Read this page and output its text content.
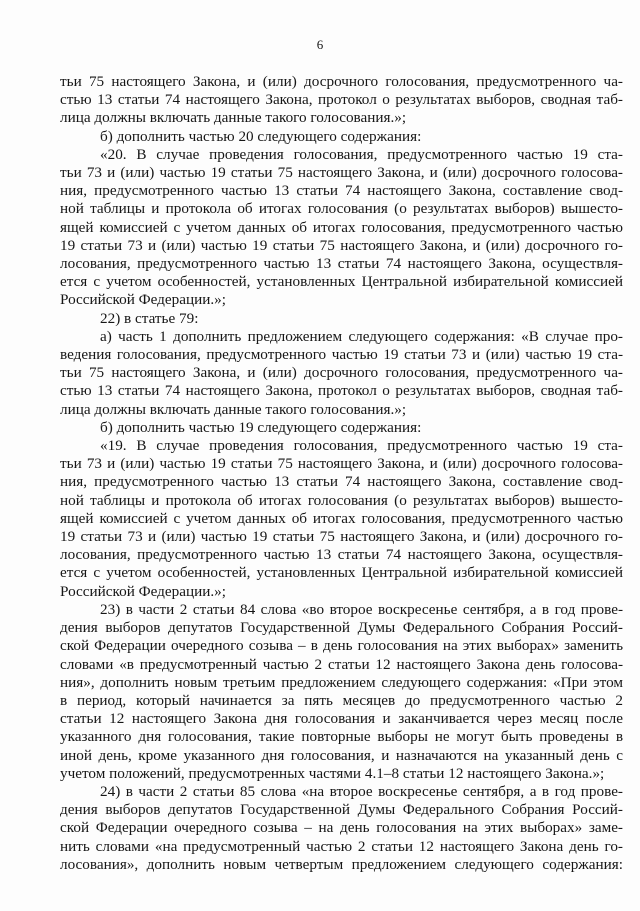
6

тьи 75 настоящего Закона, и (или) досрочного голосования, предусмотренного ча-

стью 13 статьи 74 настоящего Закона, протокол о результатах выборов, сводная таб-

лица должны включать данные такого голосования.»;

б) дополнить частью 20 следующего содержания:

«20. В случае проведения голосования, предусмотренного частью 19 ста-

тьи 73 и (или) частью 19 статьи 75 настоящего Закона, и (или) досрочного голосова-

ния, предусмотренного частью 13 статьи 74 настоящего Закона, составление свод-

ной таблицы и протокола об итогах голосования (о результатах выборов) вышесто-

ящей комиссией с учетом данных об итогах голосования, предусмотренного частью

19 статьи 73 и (или) частью 19 статьи 75 настоящего Закона, и (или) досрочного го-

лосования, предусмотренного частью 13 статьи 74 настоящего Закона, осуществля-

ется с учетом особенностей, установленных Центральной избирательной комиссией

Российской Федерации.»;

22) в статье 79:

а) часть 1 дополнить предложением следующего содержания: «В случае про-

ведения голосования, предусмотренного частью 19 статьи 73 и (или) частью 19 ста-

тьи 75 настоящего Закона, и (или) досрочного голосования, предусмотренного ча-

стью 13 статьи 74 настоящего Закона, протокол о результатах выборов, сводная таб-

лица должны включать данные такого голосования.»;

б) дополнить частью 19 следующего содержания:

«19. В случае проведения голосования, предусмотренного частью 19 ста-

тьи 73 и (или) частью 19 статьи 75 настоящего Закона, и (или) досрочного голосова-

ния, предусмотренного частью 13 статьи 74 настоящего Закона, составление свод-

ной таблицы и протокола об итогах голосования (о результатах выборов) вышесто-

ящей комиссией с учетом данных об итогах голосования, предусмотренного частью

19 статьи 73 и (или) частью 19 статьи 75 настоящего Закона, и (или) досрочного го-

лосования, предусмотренного частью 13 статьи 74 настоящего Закона, осуществля-

ется с учетом особенностей, установленных Центральной избирательной комиссией

Российской Федерации.»;

23) в части 2 статьи 84 слова «во второе воскресенье сентября, а в год прове-

дения выборов депутатов Государственной Думы Федерального Собрания Россий-

ской Федерации очередного созыва – в день голосования на этих выборах» заменить

словами «в предусмотренный частью 2 статьи 12 настоящего Закона день голосова-

ния», дополнить новым третьим предложением следующего содержания: «При этом

в период, который начинается за пять месяцев до предусмотренного частью 2

статьи 12 настоящего Закона дня голосования и заканчивается через месяц после

указанного дня голосования, такие повторные выборы не могут быть проведены в

иной день, кроме указанного дня голосования, и назначаются на указанный день с

учетом положений, предусмотренных частями 4.1–8 статьи 12 настоящего Закона.»;

24) в части 2 статьи 85 слова «на второе воскресенье сентября, а в год прове-

дения выборов депутатов Государственной Думы Федерального Собрания Россий-

ской Федерации очередного созыва – на день голосования на этих выборах» заме-

нить словами «на предусмотренный частью 2 статьи 12 настоящего Закона день го-

лосования», дополнить новым четвертым предложением следующего содержания:
